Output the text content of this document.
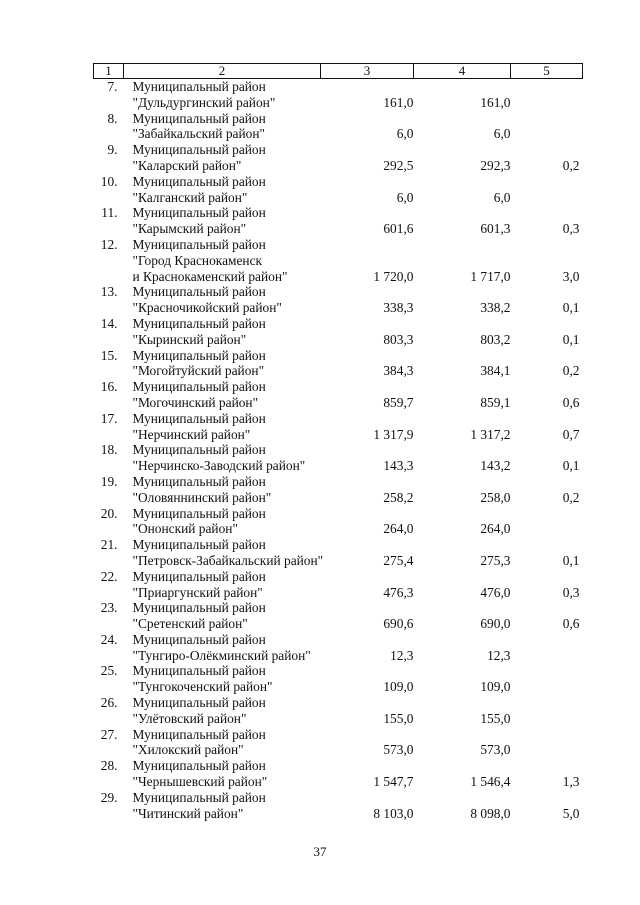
1	2	3	4	5
7.	Муниципальный район
"Дульдургинский район"	161,0	161,0	
8.	Муниципальный район
"Забайкальский район"	6,0	6,0	
9.	Муниципальный район
"Каларский район"	292,5	292,3	0,2
10.	Муниципальный район
"Калганский район"	6,0	6,0	
11.	Муниципальный район
"Карымский район"	601,6	601,3	0,3
12.	Муниципальный район
"Город Краснокаменск
и Краснокаменский район"	1 720,0	1 717,0	3,0
13.	Муниципальный район
"Красночикойский район"	338,3	338,2	0,1
14.	Муниципальный район
"Кыринский район"	803,3	803,2	0,1
15.	Муниципальный район
"Могойтуйский район"	384,3	384,1	0,2
16.	Муниципальный район
"Могочинский район"	859,7	859,1	0,6
17.	Муниципальный район
"Нерчинский район"	1 317,9	1 317,2	0,7
18.	Муниципальный район
"Нерчинско-Заводский район"	143,3	143,2	0,1
19.	Муниципальный район
"Оловяннинский район"	258,2	258,0	0,2
20.	Муниципальный район
"Ононский район"	264,0	264,0	
21.	Муниципальный район
"Петровск-Забайкальский район"	275,4	275,3	0,1
22.	Муниципальный район
"Приаргунский район"	476,3	476,0	0,3
23.	Муниципальный район
"Сретенский район"	690,6	690,0	0,6
24.	Муниципальный район
"Тунгиро-Олёкминский район"	12,3	12,3	
25.	Муниципальный район
"Тунгокоченский район"	109,0	109,0	
26.	Муниципальный район
"Улётовский район"	155,0	155,0	
27.	Муниципальный район
"Хилокский район"	573,0	573,0	
28.	Муниципальный район
"Чернышевский район"	1 547,7	1 546,4	1,3
29.	Муниципальный район
"Читинский район"	8 103,0	8 098,0	5,0
37
